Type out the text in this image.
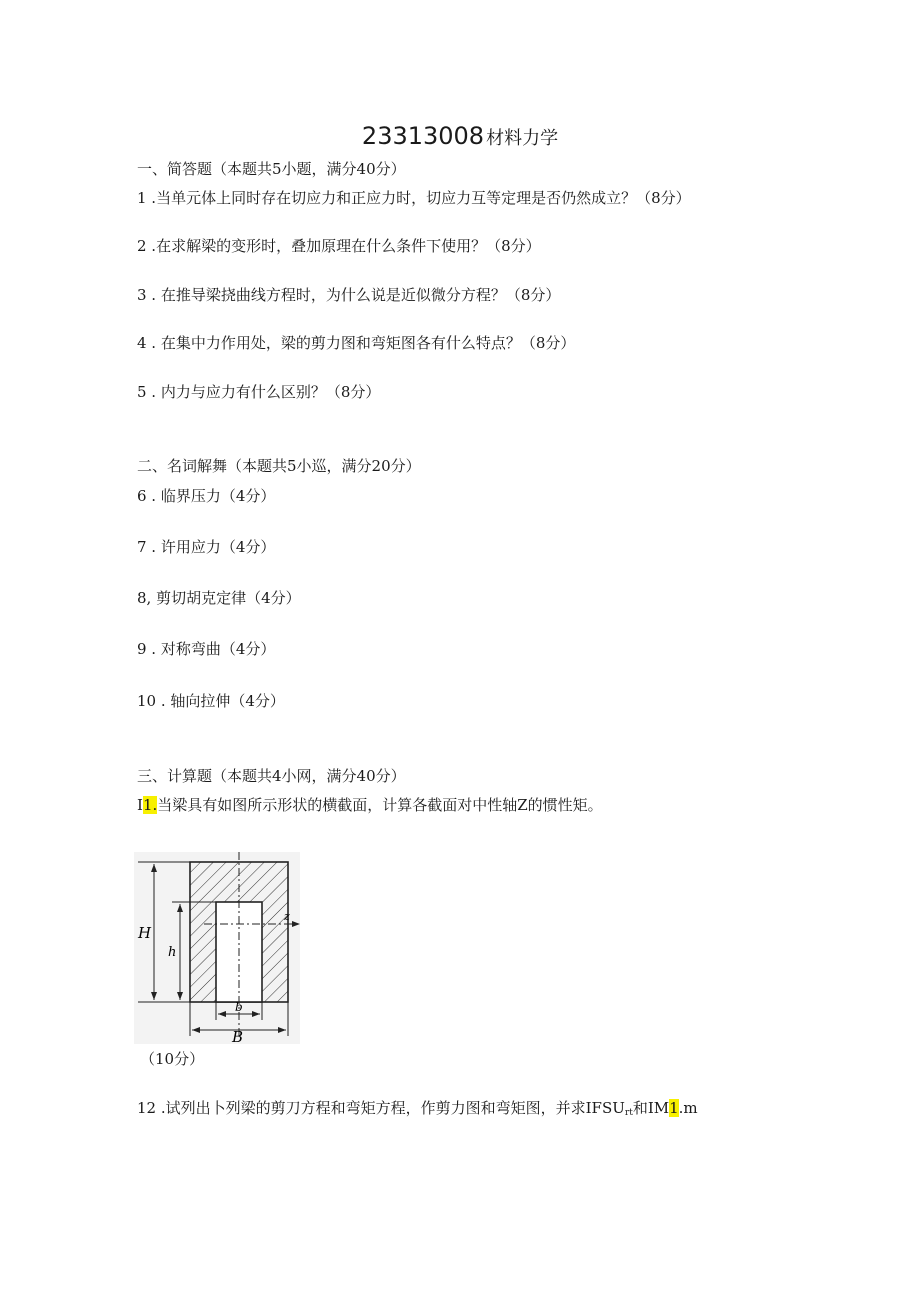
23313008 材料力学
一、简答题（本题共5小题，满分40分）
1 .当单元体上同时存在切应力和正应力时，切应力互等定理是否仍然成立？（8分）
2 .在求解梁的变形时，叠加原理在什么条件下使用？（8分）
3 . 在推导梁挠曲线方程时，为什么说是近似微分方程？（8分）
4 . 在集中力作用处，梁的剪力图和弯矩图各有什么特点？（8分）
5 . 内力与应力有什么区别？（8分）
二、名词解舞（本题共5小巡，满分20分）
6 . 临界压力（4分）
7 . 许用应力（4分）
8, 剪切胡克定律（4分）
9 . 对称弯曲（4分）
10 . 轴向拉伸（4分）
三、计算题（本题共4小网，满分40分）
I1.当梁具有如图所示形状的横截面，计算各截面对中性轴Z的惯性矩。
z
H
h
b
B
（10分）
12 .试列出卜列梁的剪刀方程和弯矩方程，作剪力图和弯矩图，并求$IFSU_{rt}$和IM1.m
